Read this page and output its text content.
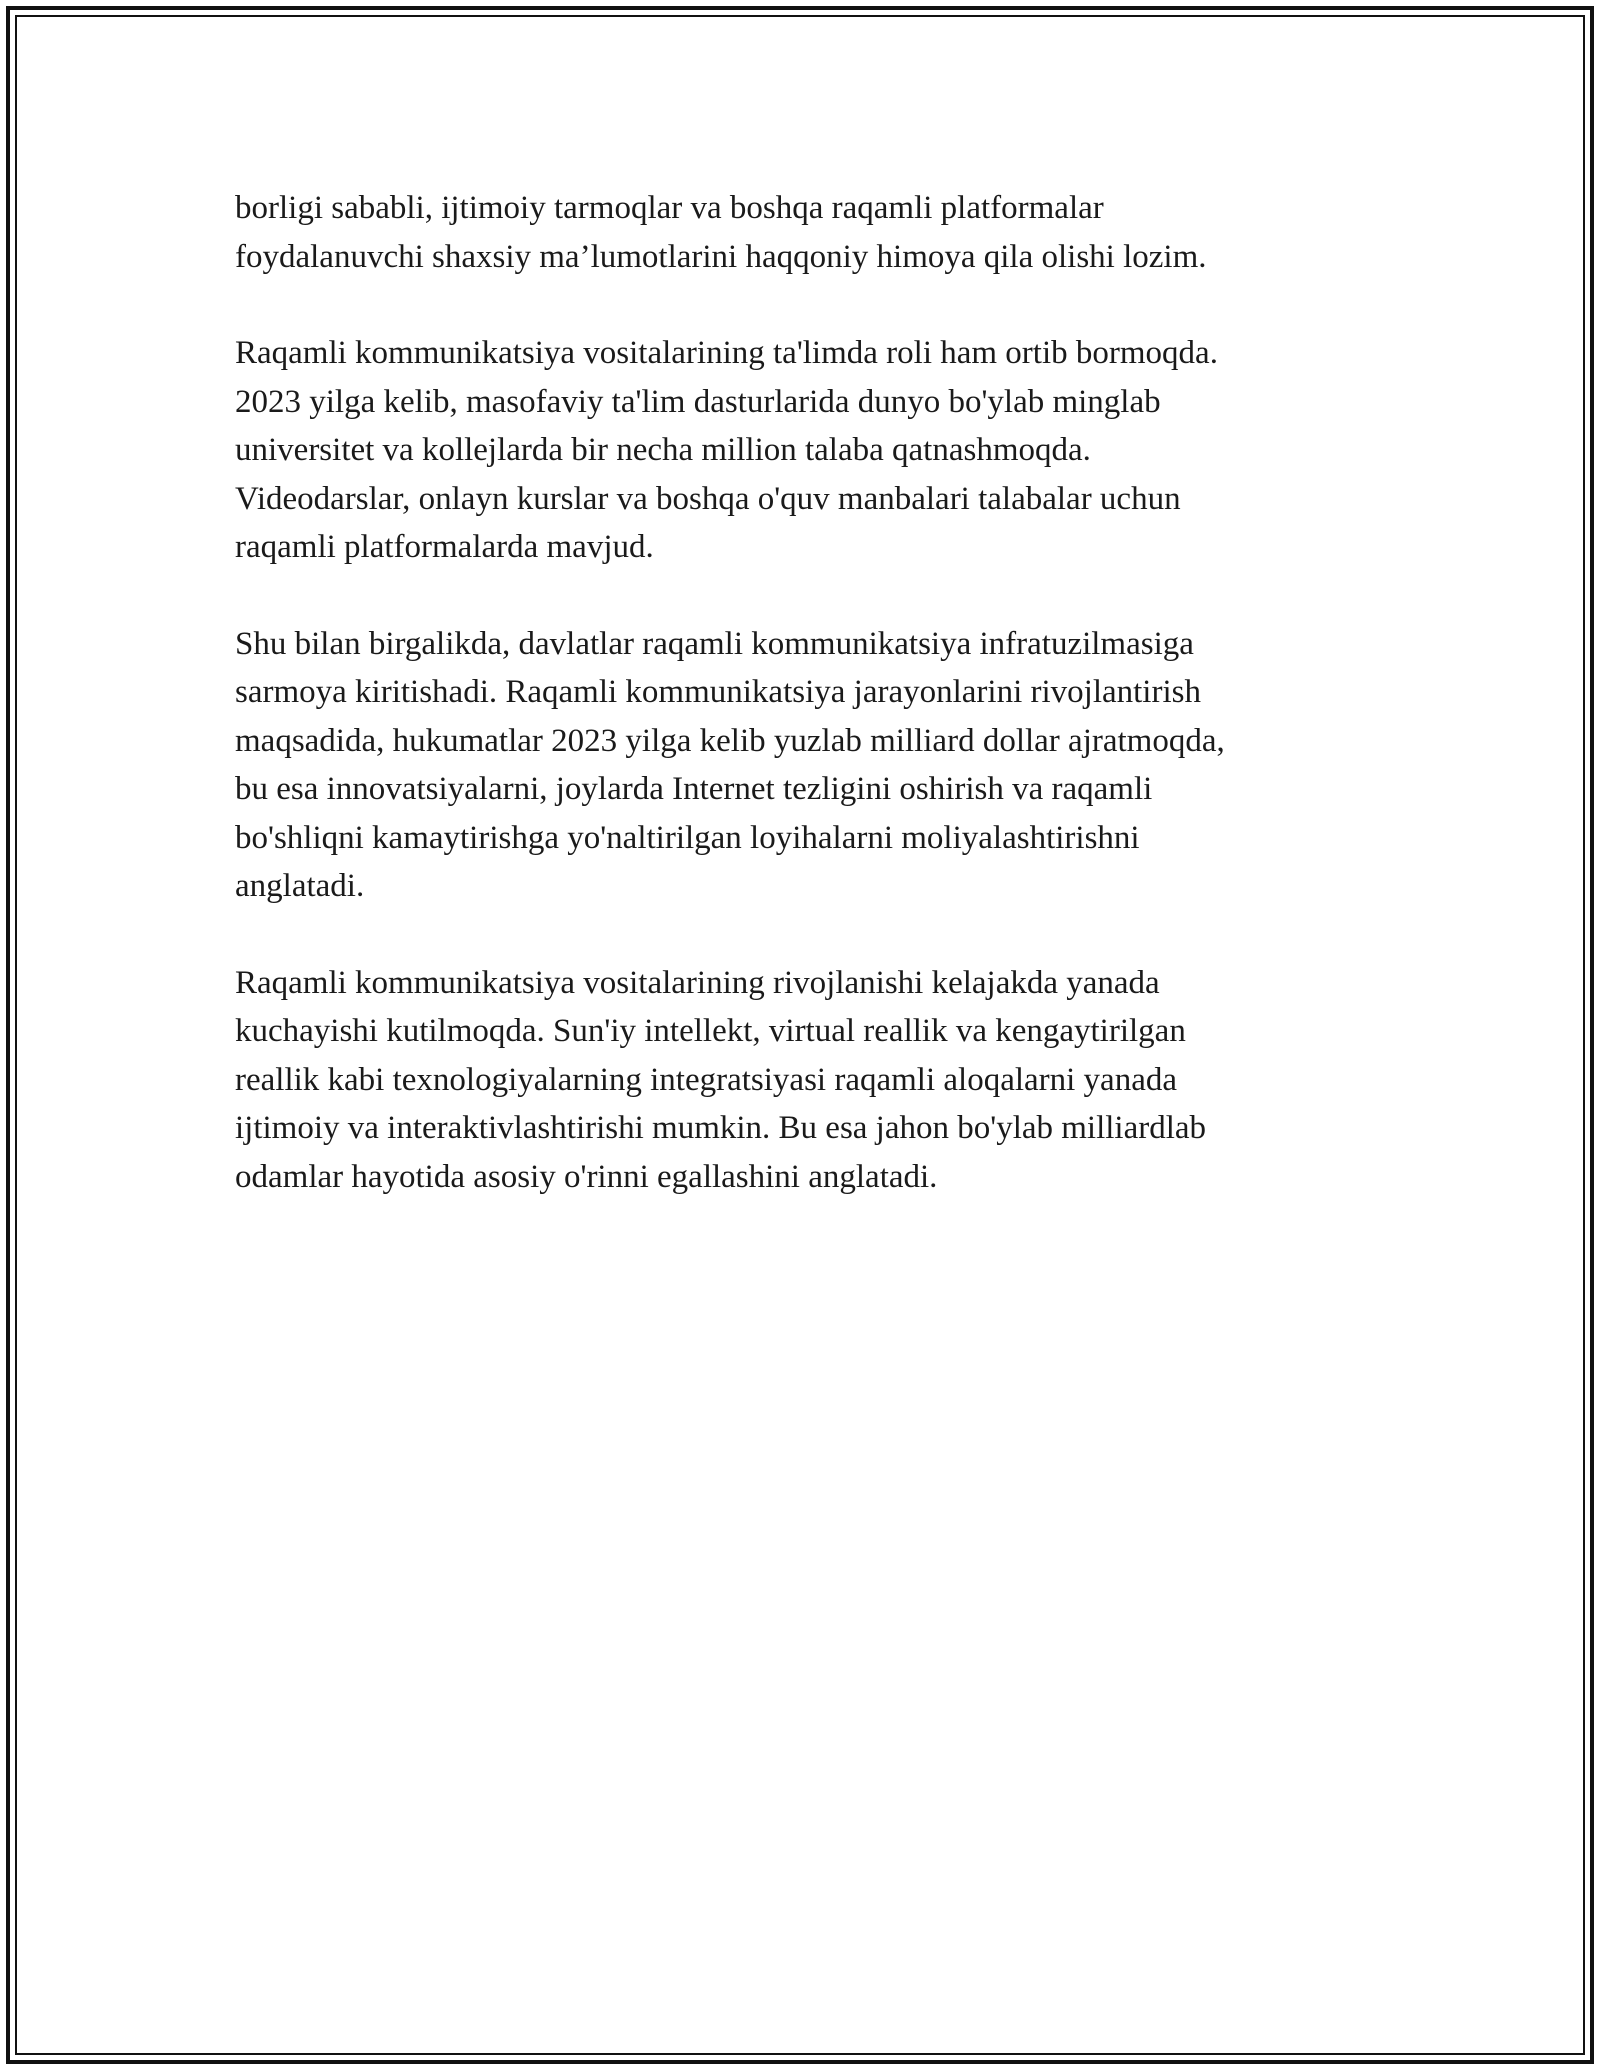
borligi sababli, ijtimoiy tarmoqlar va boshqa raqamli platformalar
foydalanuvchi shaxsiy ma’lumotlarini haqqoniy himoya qila olishi lozim.

Raqamli kommunikatsiya vositalarining ta'limda roli ham ortib bormoqda.
2023 yilga kelib, masofaviy ta'lim dasturlarida dunyo bo'ylab minglab
universitet va kollejlarda bir necha million talaba qatnashmoqda.
Videodarslar, onlayn kurslar va boshqa o'quv manbalari talabalar uchun
raqamli platformalarda mavjud.

Shu bilan birgalikda, davlatlar raqamli kommunikatsiya infratuzilmasiga
sarmoya kiritishadi. Raqamli kommunikatsiya jarayonlarini rivojlantirish
maqsadida, hukumatlar 2023 yilga kelib yuzlab milliard dollar ajratmoqda,
bu esa innovatsiyalarni, joylarda Internet tezligini oshirish va raqamli
bo'shliqni kamaytirishga yo'naltirilgan loyihalarni moliyalashtirishni
anglatadi.

Raqamli kommunikatsiya vositalarining rivojlanishi kelajakda yanada
kuchayishi kutilmoqda. Sun'iy intellekt, virtual reallik va kengaytirilgan
reallik kabi texnologiyalarning integratsiyasi raqamli aloqalarni yanada
ijtimoiy va interaktivlashtirishi mumkin. Bu esa jahon bo'ylab milliardlab
odamlar hayotida asosiy o'rinni egallashini anglatadi.
